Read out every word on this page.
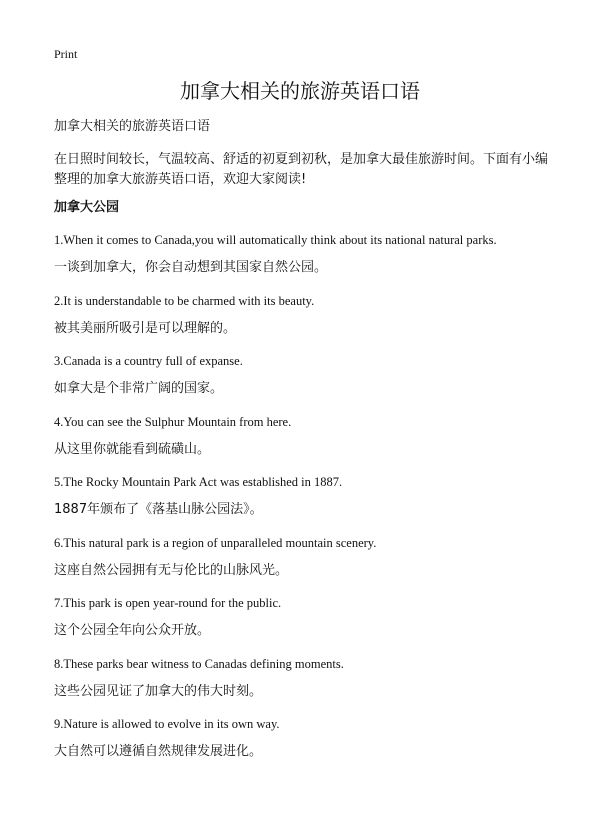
Print
加拿大相关的旅游英语口语
加拿大相关的旅游英语口语

在日照时间较长，气温较高、舒适的初夏到初秋，是加拿大最佳旅游时间。下面有小编整理的加拿大旅游英语口语，欢迎大家阅读!

加拿大公园
1.When it comes to Canada,you will automatically think about its national natural parks.
一谈到加拿大，你会自动想到其国家自然公园。
2.It is understandable to be charmed with its beauty.
被其美丽所吸引是可以理解的。
3.Canada is a country full of expanse.
如拿大是个非常广阔的国家。
4.You can see the Sulphur Mountain from here.
从这里你就能看到硫磺山。
5.The Rocky Mountain Park Act was established in 1887.
1887年颁布了《落基山脉公园法》。
6.This natural park is a region of unparalleled mountain scenery.
这座自然公园拥有无与伦比的山脉风光。
7.This park is open year-round for the public.
这个公园全年向公众开放。
8.These parks bear witness to Canadas defining moments.
这些公园见证了加拿大的伟大时刻。
9.Nature is allowed to evolve in its own way.
大自然可以遵循自然规律发展进化。
